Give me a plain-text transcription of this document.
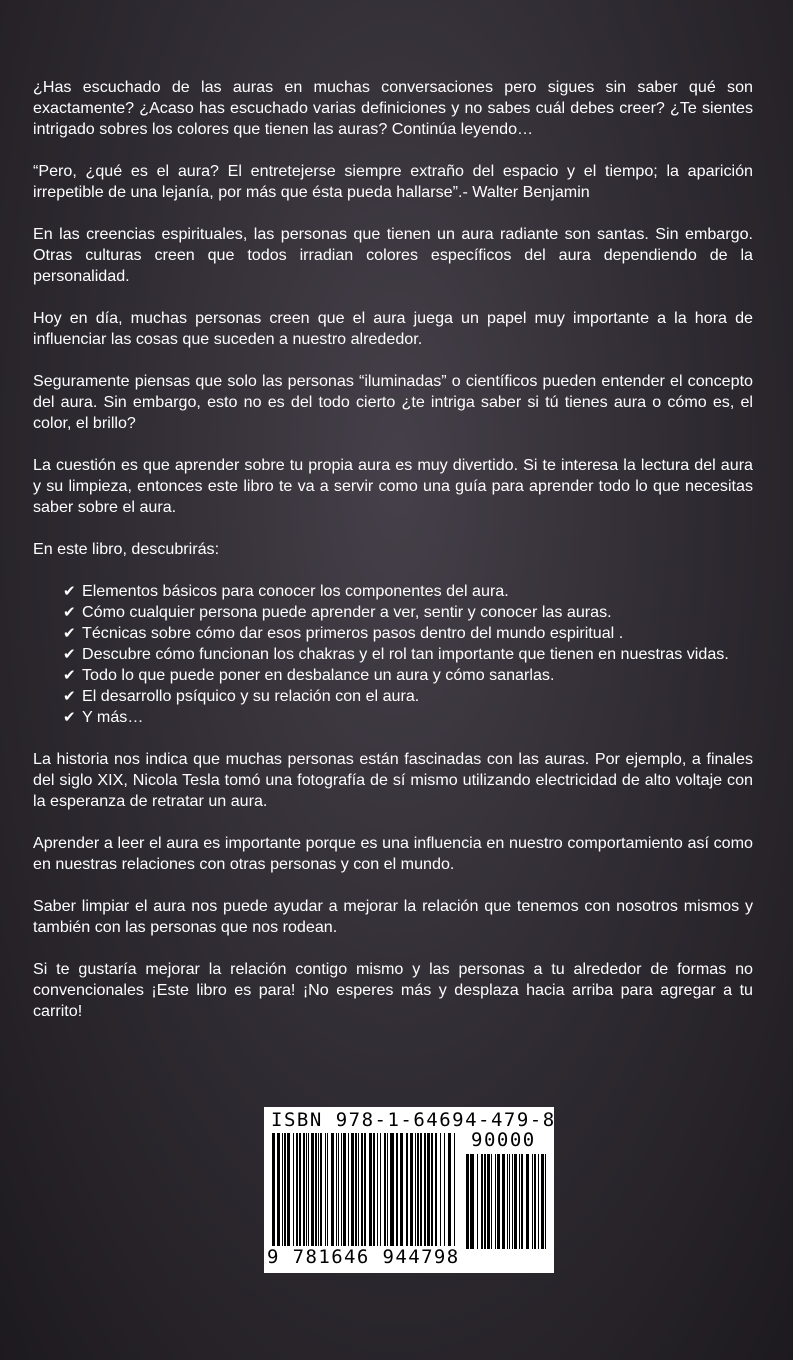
¿Has escuchado de las auras en muchas conversaciones pero sigues sin saber qué son exactamente? ¿Acaso has escuchado varias definiciones y no sabes cuál debes creer? ¿Te sientes intrigado sobres los colores que tienen las auras? Continúa leyendo…

“Pero, ¿qué es el aura? El entretejerse siempre extraño del espacio y el tiempo; la aparición irrepetible de una lejanía, por más que ésta pueda hallarse”.- Walter Benjamin

En las creencias espirituales, las personas que tienen un aura radiante son santas. Sin embargo. Otras culturas creen que todos irradian colores específicos del aura dependiendo de la personalidad.

Hoy en día, muchas personas creen que el aura juega un papel muy importante a la hora de influenciar las cosas que suceden a nuestro alrededor.

Seguramente piensas que solo las personas “iluminadas” o científicos pueden entender el concepto del aura. Sin embargo, esto no es del todo cierto ¿te intriga saber si tú tienes aura o cómo es, el color, el brillo?

La cuestión es que aprender sobre tu propia aura es muy divertido. Si te interesa la lectura del aura y su limpieza, entonces este libro te va a servir como una guía para aprender todo lo que necesitas saber sobre el aura.

En este libro, descubrirás:

✔ Elementos básicos para conocer los componentes del aura.
✔ Cómo cualquier persona puede aprender a ver, sentir y conocer las auras.
✔ Técnicas sobre cómo dar esos primeros pasos dentro del mundo espiritual .
✔ Descubre cómo funcionan los chakras y el rol tan importante que tienen en nuestras vidas.
✔ Todo lo que puede poner en desbalance un aura y cómo sanarlas.
✔ El desarrollo psíquico y su relación con el aura.
✔ Y más…

La historia nos indica que muchas personas están fascinadas con las auras. Por ejemplo, a finales del siglo XIX, Nicola Tesla tomó una fotografía de sí mismo utilizando electricidad de alto voltaje con la esperanza de retratar un aura.

Aprender a leer el aura es importante porque es una influencia en nuestro comportamiento así como en nuestras relaciones con otras personas y con el mundo.

Saber limpiar el aura nos puede ayudar a mejorar la relación que tenemos con nosotros mismos y también con las personas que nos rodean.

Si te gustaría mejorar la relación contigo mismo y las personas a tu alrededor de formas no convencionales ¡Este libro es para! ¡No esperes más y desplaza hacia arriba para agregar a tu carrito!

ISBN 978-1-64694-479-8
90000
9 781646 944798
